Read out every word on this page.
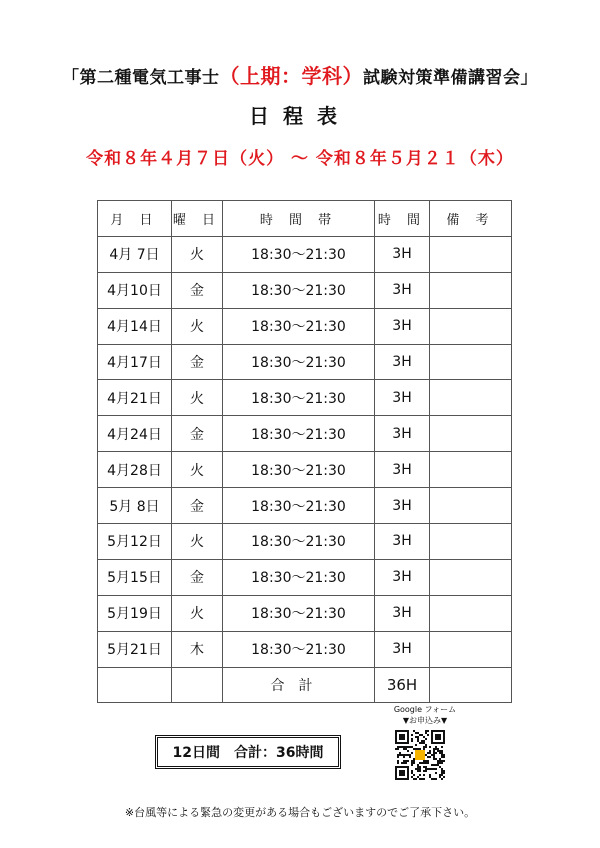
「第二種電気工事士（上期：学科）試験対策準備講習会」
日程表
令和８年４月７日（火） ～ 令和８年５月２１（木）
月 日	曜 日	時 間 帯	時 間	備 考
4月 7日	火	18:30～21:30	3H	
4月10日	金	18:30～21:30	3H	
4月14日	火	18:30～21:30	3H	
4月17日	金	18:30～21:30	3H	
4月21日	火	18:30～21:30	3H	
4月24日	金	18:30～21:30	3H	
4月28日	火	18:30～21:30	3H	
5月 8日	金	18:30～21:30	3H	
5月12日	火	18:30～21:30	3H	
5月15日	金	18:30～21:30	3H	
5月19日	火	18:30～21:30	3H	
5月21日	木	18:30～21:30	3H	
		合計	36H	
Google フォーム
▼お申込み▼
12日間 合計：36時間
※台風等による緊急の変更がある場合もございますのでご了承下さい。
